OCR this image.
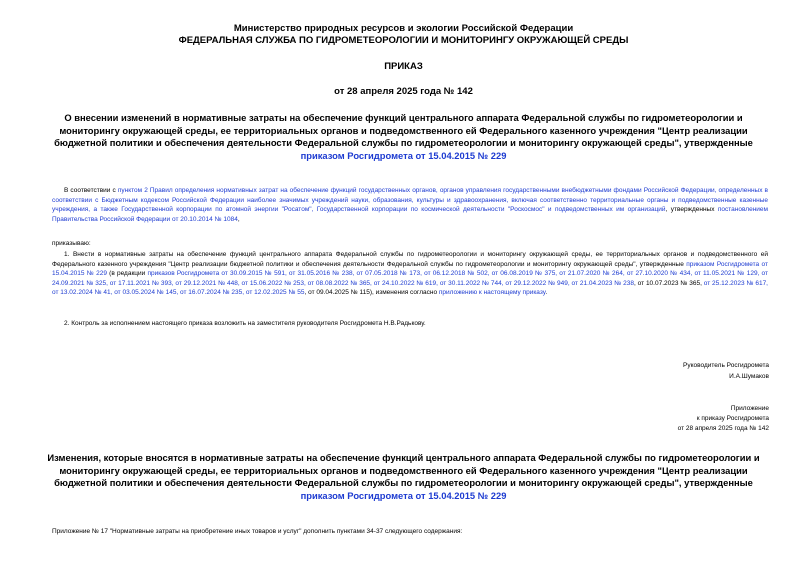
Министерство природных ресурсов и экологии Российской Федерации
ФЕДЕРАЛЬНАЯ СЛУЖБА ПО ГИДРОМЕТЕОРОЛОГИИ И МОНИТОРИНГУ ОКРУЖАЮЩЕЙ СРЕДЫ
ПРИКАЗ
от 28 апреля 2025 года № 142
О внесении изменений в нормативные затраты на обеспечение функций центрального аппарата Федеральной службы по гидрометеорологии и мониторингу окружающей среды, ее территориальных органов и подведомственного ей Федерального казенного учреждения "Центр реализации бюджетной политики и обеспечения деятельности Федеральной службы по гидрометеорологии и мониторингу окружающей среды", утвержденные приказом Росгидромета от 15.04.2015 № 229
В соответствии с пунктом 2 Правил определения нормативных затрат на обеспечение функций государственных органов, органов управления государственными внебюджетными фондами Российской Федерации, определенных в соответствии с Бюджетным кодексом Российской Федерации наиболее значимых учреждений науки, образования, культуры и здравоохранения, включая соответственно территориальные органы и подведомственные казенные учреждения, а также Государственной корпорации по атомной энергии "Росатом", Государственной корпорации по космической деятельности "Роскосмос" и подведомственных им организаций, утвержденных постановлением Правительства Российской Федерации от 20.10.2014 № 1084,
приказываю:
1. Внести в нормативные затраты на обеспечение функций центрального аппарата Федеральной службы по гидрометеорологии и мониторингу окружающей среды, ее территориальных органов и подведомственного ей Федерального казенного учреждения "Центр реализации бюджетной политики и обеспечения деятельности Федеральной службы по гидрометеорологии и мониторингу окружающей среды", утвержденные приказом Росгидромета от 15.04.2015 № 229 (в редакции приказов Росгидромета от 30.09.2015 № 591, от 31.05.2016 № 238, от 07.05.2018 № 173, от 06.12.2018 № 502, от 06.08.2019 № 375, от 21.07.2020 № 264, от 27.10.2020 № 434, от 11.05.2021 № 129, от 24.09.2021 № 325, от 17.11.2021 № 393, от 29.12.2021 № 448, от 15.06.2022 № 253, от 08.08.2022 № 365, от 24.10.2022 № 619, от 30.11.2022 № 744, от 29.12.2022 № 949, от 21.04.2023 № 238, от 10.07.2023 № 365, от 25.12.2023 № 617, от 13.02.2024 № 41, от 03.05.2024 № 145, от 16.07.2024 № 235, от 12.02.2025 № 55, от 09.04.2025 № 115), изменения согласно приложению к настоящему приказу.
2. Контроль за исполнением настоящего приказа возложить на заместителя руководителя Росгидромета Н.В.Радькову.
Руководитель Росгидромета
И.А.Шумаков
Приложение
к приказу Росгидромета
от 28 апреля 2025 года № 142
Изменения, которые вносятся в нормативные затраты на обеспечение функций центрального аппарата Федеральной службы по гидрометеорологии и мониторингу окружающей среды, ее территориальных органов и подведомственного ей Федерального казенного учреждения "Центр реализации бюджетной политики и обеспечения деятельности Федеральной службы по гидрометеорологии и мониторингу окружающей среды", утвержденные приказом Росгидромета от 15.04.2015 № 229
Приложение № 17 "Нормативные затраты на приобретение иных товаров и услуг" дополнить пунктами 34-37 следующего содержания:
